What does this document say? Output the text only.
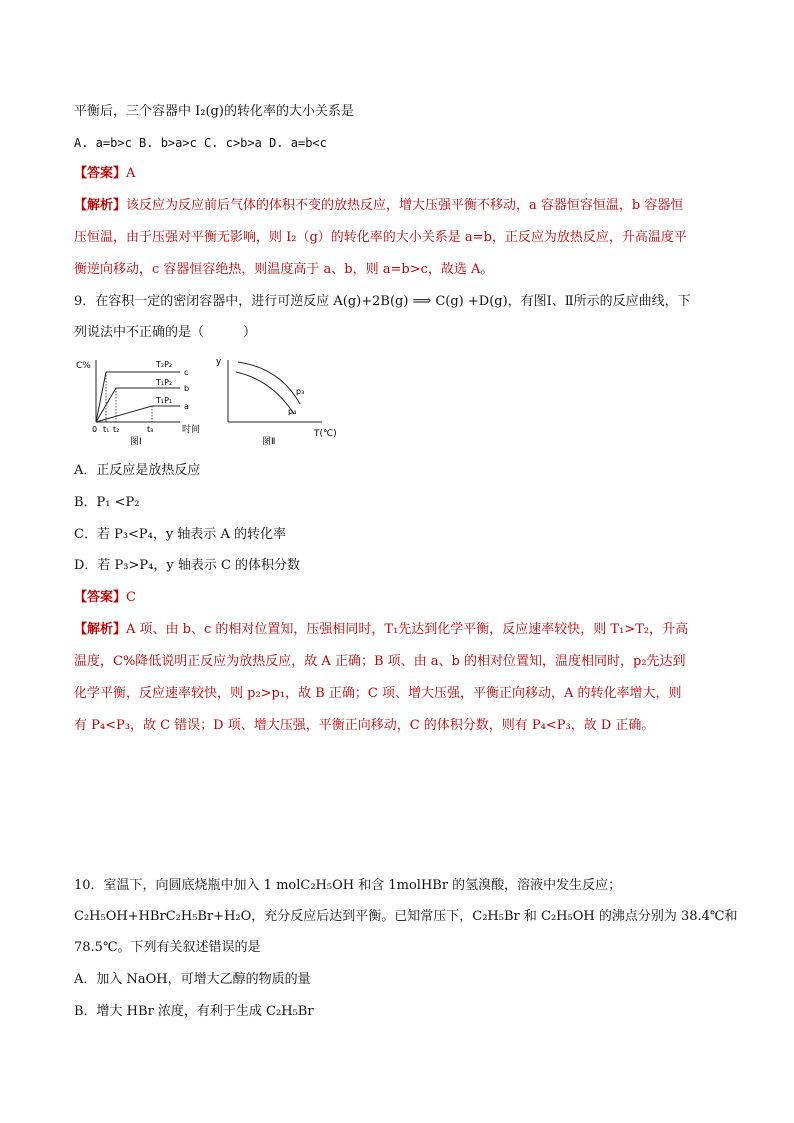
平衡后，三个容器中 I₂(g)的转化率的大小关系是
A. a=b>c B. b>a>c C. c>b>a D. a=b<c
【答案】A
【解析】该反应为反应前后气体的体积不变的放热反应，增大压强平衡不移动，a 容器恒容恒温，b 容器恒
压恒温，由于压强对平衡无影响，则 I₂（g）的转化率的大小关系是 a=b，正反应为放热反应，升高温度平
衡逆向移动，c 容器恒容绝热，则温度高于 a、b，则 a=b>c，故选 A。
9．在容积一定的密闭容器中，进行可逆反应 A(g)+2B(g) ⟹ C(g) +D(g)，有图Ⅰ、Ⅱ所示的反应曲线，下
列说法中不正确的是（　　　）
C%
时间
0 t₁ t₂	t₃
T₂P₂
c
T₁P₂
b
T₁P₁
a
图Ⅰ
y
T(℃)
p₃
p₄
图Ⅱ
A．正反应是放热反应
B．P₁ <P₂
C．若 P₃<P₄，y 轴表示 A 的转化率
D．若 P₃>P₄，y 轴表示 C 的体积分数
【答案】C
【解析】A 项、由 b、c 的相对位置知，压强相同时，T₁先达到化学平衡，反应速率较快，则 T₁>T₂，升高
温度，C%降低说明正反应为放热反应，故 A 正确；B 项、由 a、b 的相对位置知，温度相同时，p₂先达到
化学平衡，反应速率较快，则 p₂>p₁，故 B 正确；C 项、增大压强，平衡正向移动，A 的转化率增大，则
有 P₄<P₃，故 C 错误；D 项、增大压强，平衡正向移动，C 的体积分数，则有 P₄<P₃，故 D 正确。
10．室温下，向圆底烧瓶中加入 1 molC₂H₅OH 和含 1molHBr 的氢溴酸，溶液中发生反应；
C₂H₅OH+HBrC₂H₅Br+H₂O，充分反应后达到平衡。已知常压下，C₂H₅Br 和 C₂H₅OH 的沸点分别为 38.4℃和
78.5℃。下列有关叙述错误的是
A．加入 NaOH，可增大乙醇的物质的量
B．增大 HBr 浓度，有利于生成 C₂H₅Br
